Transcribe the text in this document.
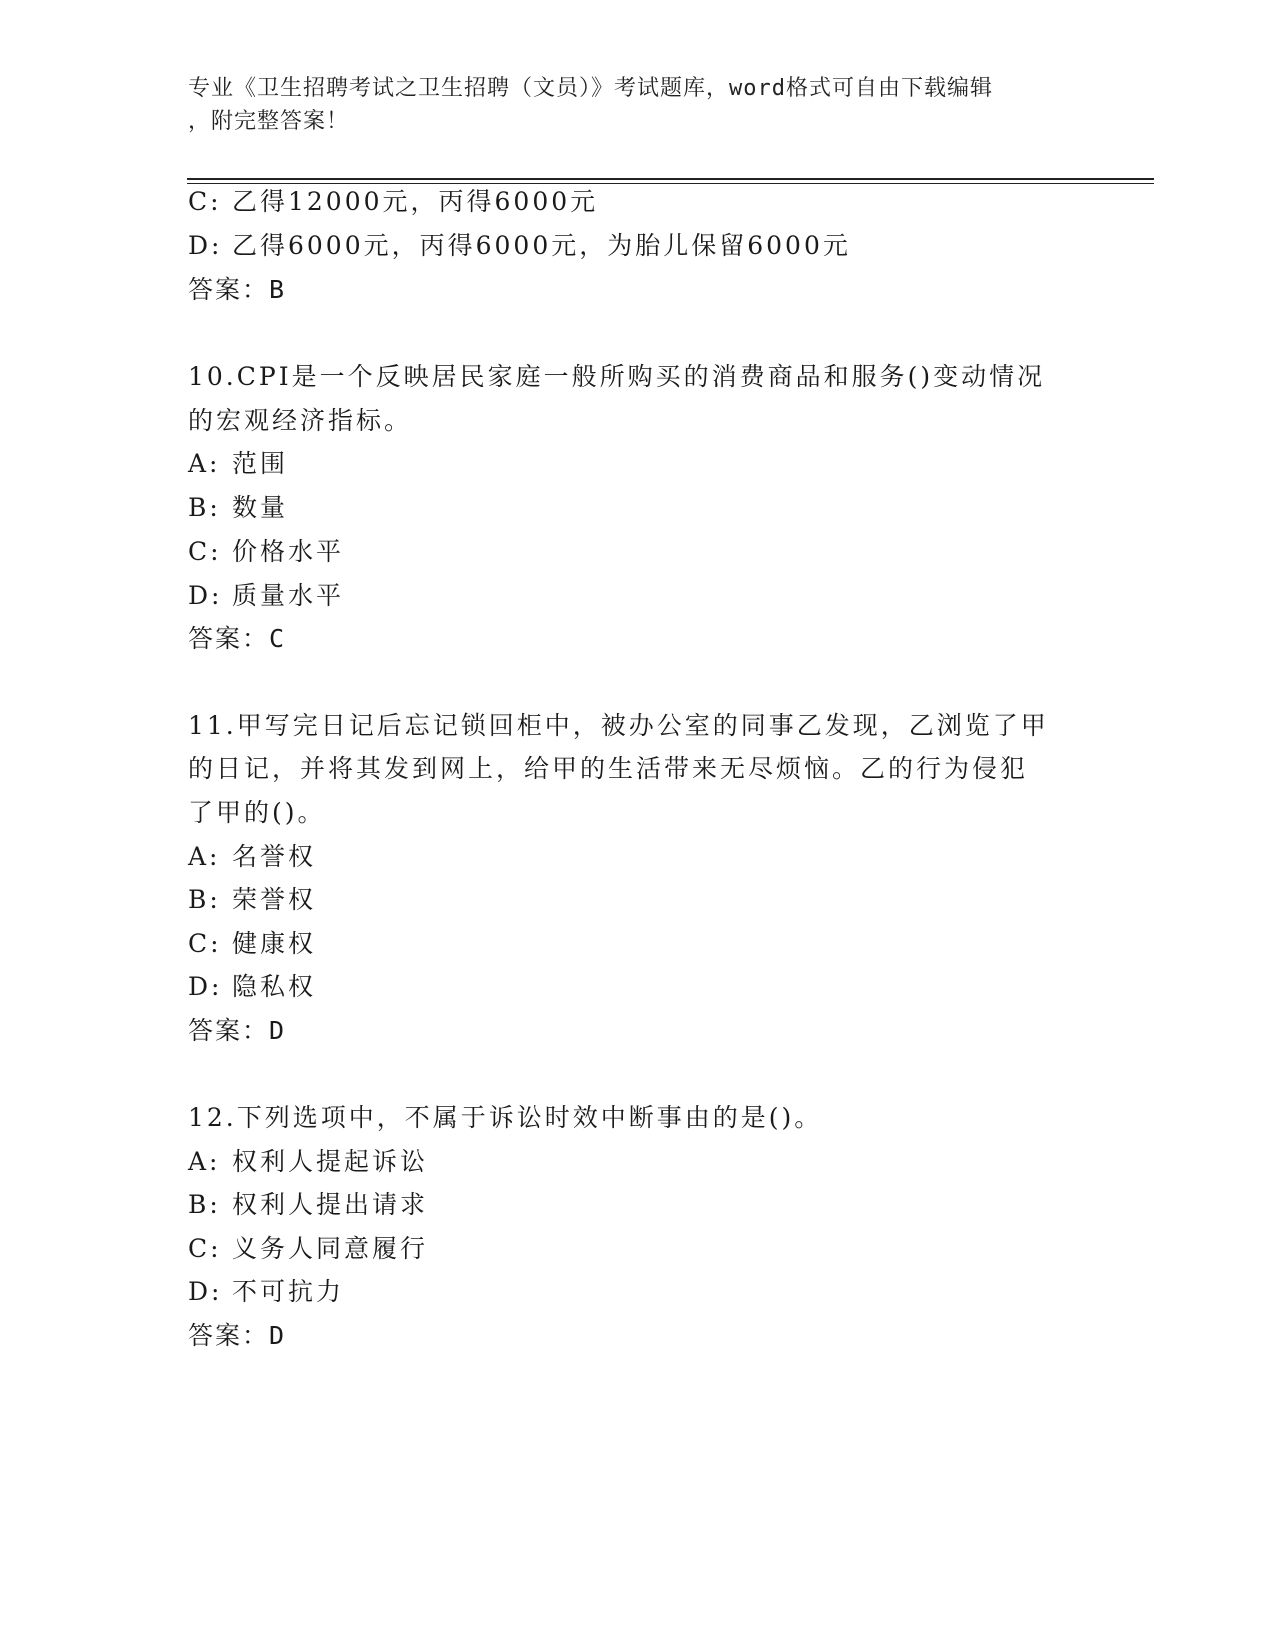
专业《卫生招聘考试之卫生招聘（文员）》考试题库，word格式可自由下载编辑
，附完整答案！
C: 乙得12000元，丙得6000元
D: 乙得6000元，丙得6000元，为胎儿保留6000元
答案：B
10.CPI是一个反映居民家庭一般所购买的消费商品和服务()变动情况
的宏观经济指标。
A: 范围
B: 数量
C: 价格水平
D: 质量水平
答案：C
11.甲写完日记后忘记锁回柜中，被办公室的同事乙发现，乙浏览了甲
的日记，并将其发到网上，给甲的生活带来无尽烦恼。乙的行为侵犯
了甲的()。
A: 名誉权
B: 荣誉权
C: 健康权
D: 隐私权
答案：D
12.下列选项中，不属于诉讼时效中断事由的是()。
A: 权利人提起诉讼
B: 权利人提出请求
C: 义务人同意履行
D: 不可抗力
答案：D
